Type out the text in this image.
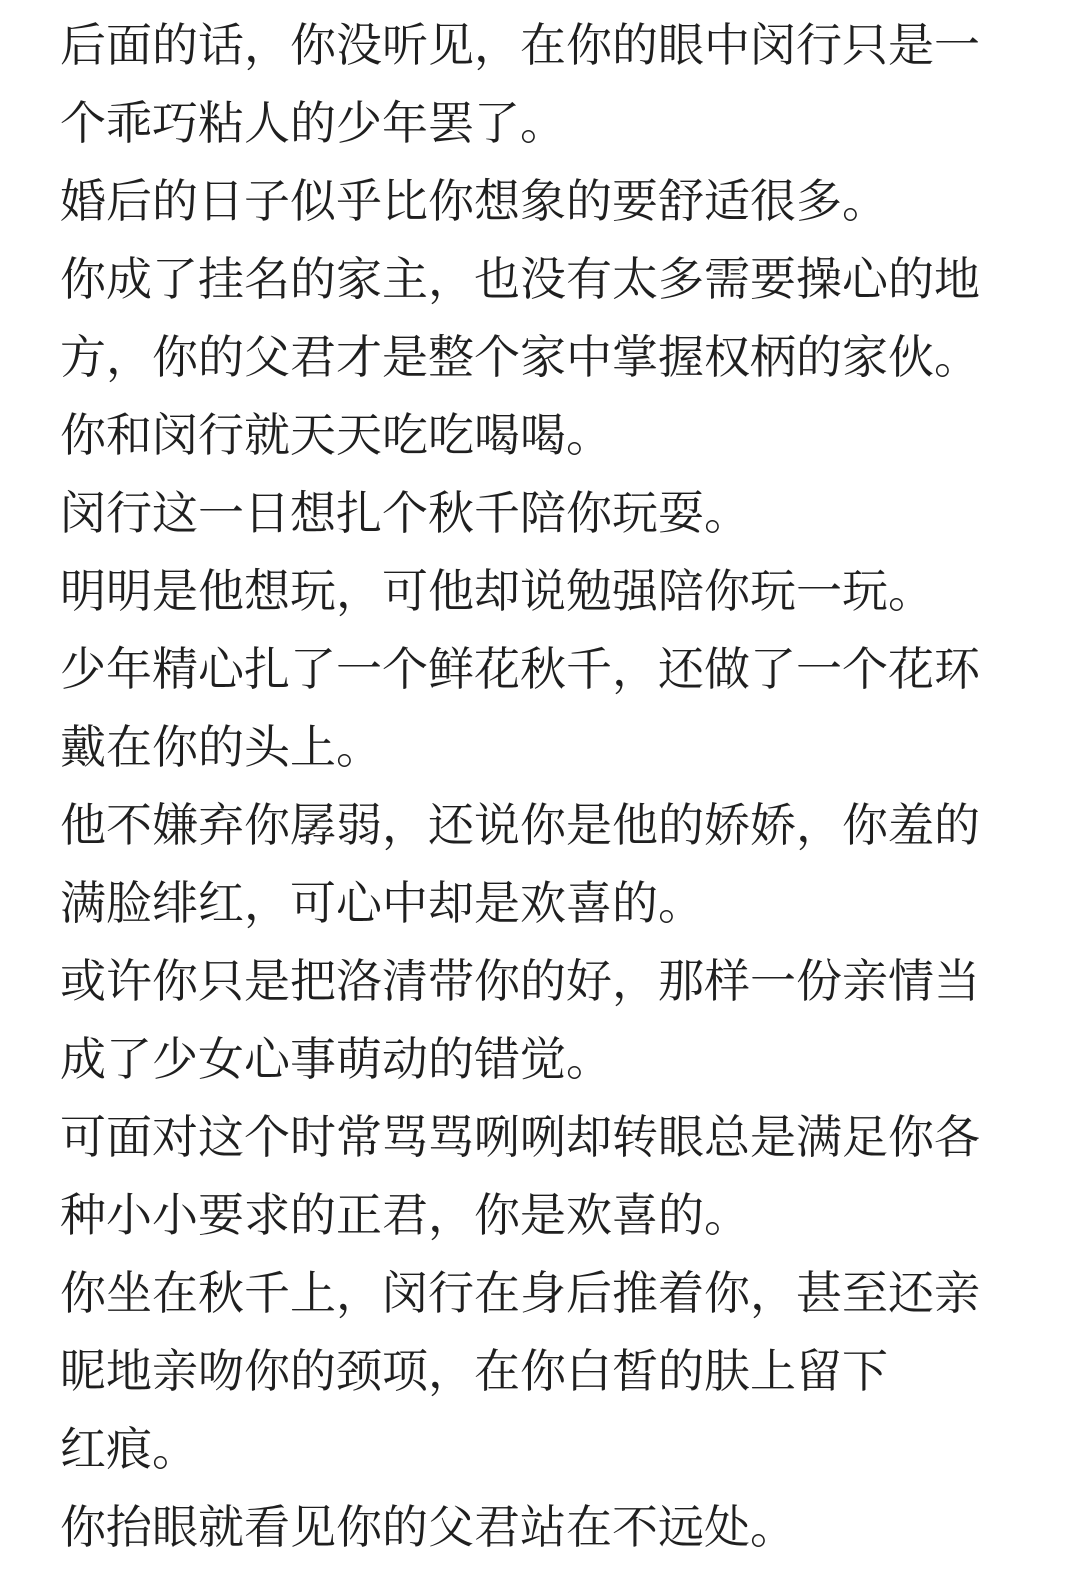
后面的话，你没听见，在你的眼中闵行只是一
个乖巧粘人的少年罢了。
婚后的日子似乎比你想象的要舒适很多。
你成了挂名的家主，也没有太多需要操心的地
方，你的父君才是整个家中掌握权柄的家伙。
你和闵行就天天吃吃喝喝。
闵行这一日想扎个秋千陪你玩耍。
明明是他想玩，可他却说勉强陪你玩一玩。
少年精心扎了一个鲜花秋千，还做了一个花环
戴在你的头上。
他不嫌弃你孱弱，还说你是他的娇娇，你羞的
满脸绯红，可心中却是欢喜的。
或许你只是把洛清带你的好，那样一份亲情当
成了少女心事萌动的错觉。
可面对这个时常骂骂咧咧却转眼总是满足你各
种小小要求的正君，你是欢喜的。
你坐在秋千上，闵行在身后推着你，甚至还亲
昵地亲吻你的颈项，在你白皙的肤上留下
红痕。
你抬眼就看见你的父君站在不远处。
